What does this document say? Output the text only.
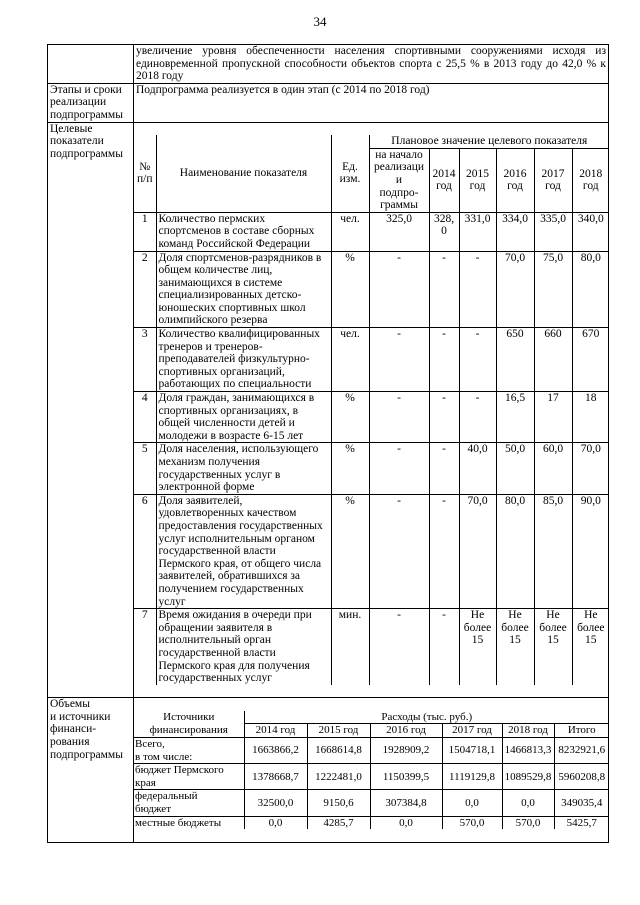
34
	увеличение уровня обеспеченности населения спортивными сооружениями исходя из единовременной пропускной способности объектов спорта с 25,5 % в 2013 году до 42,0 % к 2018 году
Этапы и сроки
реализации
подпрограммы	Подпрограмма реализуется в один этап (с 2014 по 2018 год)
Целевые
показатели
подпрограммы	

№
п/п	Наименование показателя	Ед.
изм.	Плановое значение целевого показателя
на начало
реализации
подпро-
граммы	2014
год	2015
год	2016
год	2017
год	2018
год
1	Количество пермских спортсменов в составе сборных команд Российской Федерации	чел.	325,0	328,0	331,0	334,0	335,0	340,0
2	Доля спортсменов-разрядников в общем количестве лиц, занимающихся в системе специализированных детско-юношеских спортивных школ олимпийского резерва	%	-	-	-	70,0	75,0	80,0
3	Количество квалифицированных тренеров и тренеров-преподавателей физкультурно-спортивных организаций, работающих по специальности	чел.	-	-	-	650	660	670
4	Доля граждан, занимающихся в спортивных организациях, в общей численности детей и молодежи в возрасте 6-15 лет	%	-	-	-	16,5	17	18
5	Доля населения, использующего механизм получения государственных услуг в электронной форме	%	-	-	40,0	50,0	60,0	70,0
6	Доля заявителей, удовлетворенных качеством предоставления государственных услуг исполнительным органом государственной власти Пермского края, от общего числа заявителей, обратившихся за получением государственных услуг	%	-	-	70,0	80,0	85,0	90,0
7	Время ожидания в очереди при обращении заявителя в исполнительный орган государственной власти Пермского края для получения государственных услуг	мин.	-	-	Не
более
15	Не
более
15	Не
более
15	Не
более
15

Объемы
и источники
финанси-
рования
подпрограммы	

Источники
финансирования	Расходы (тыс. руб.)
2014 год	2015 год	2016 год	2017 год	2018 год	Итого
Всего,
в том числе:	1663866,2	1668614,8	1928909,2	1504718,1	1466813,3	8232921,6
бюджет Пермского
края	1378668,7	1222481,0	1150399,5	1119129,8	1089529,8	5960208,8
федеральный
бюджет	32500,0	9150,6	307384,8	0,0	0,0	349035,4
местные бюджеты	0,0	4285,7	0,0	570,0	570,0	5425,7
